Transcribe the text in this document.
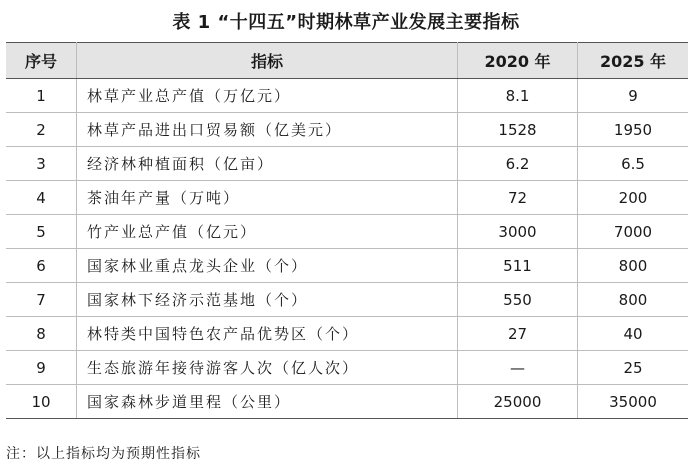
表 1 “十四五”时期林草产业发展主要指标
序号	指标	2020 年	2025 年
1	林草产业总产值（万亿元）	8.1	9
2	林草产品进出口贸易额（亿美元）	1528	1950
3	经济林种植面积（亿亩）	6.2	6.5
4	茶油年产量（万吨）	72	200
5	竹产业总产值（亿元）	3000	7000
6	国家林业重点龙头企业（个）	511	800
7	国家林下经济示范基地（个）	550	800
8	林特类中国特色农产品优势区（个）	27	40
9	生态旅游年接待游客人次（亿人次）	—	25
10	国家森林步道里程（公里）	25000	35000
注：以上指标均为预期性指标
